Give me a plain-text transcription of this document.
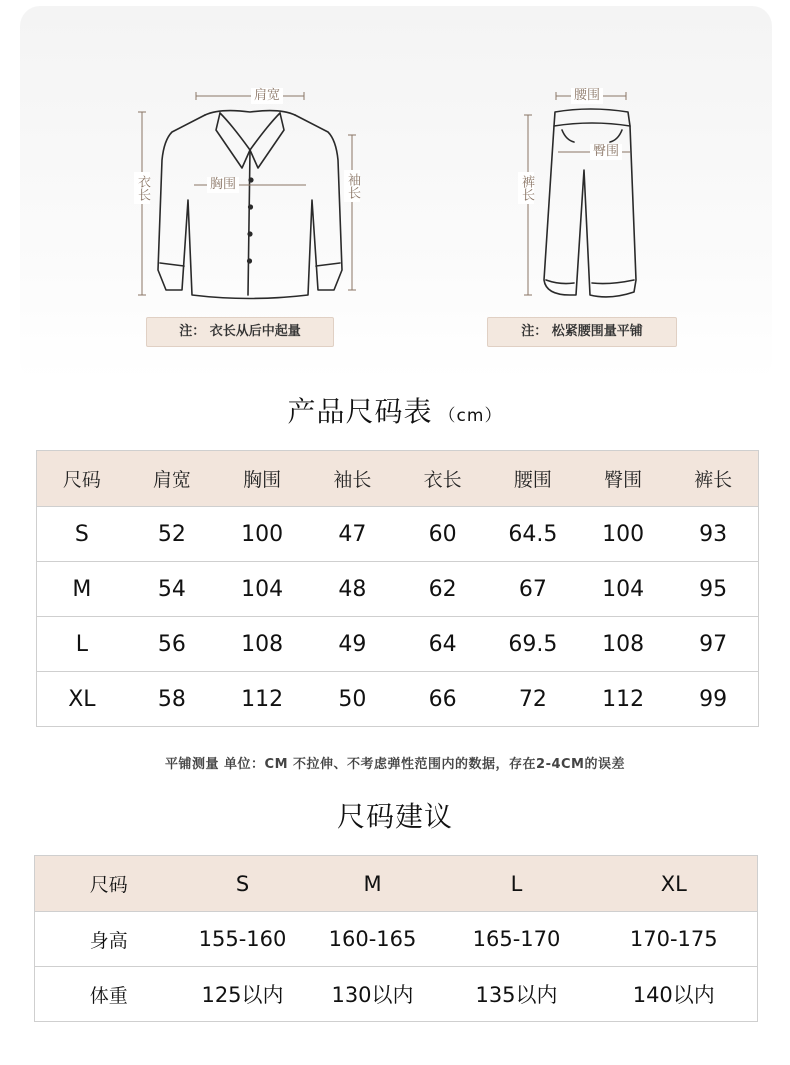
肩宽
胸围
衣长	袖长
注： 衣长从后中起量
腰围
臀围
裤长
注： 松紧腰围量平铺
产品尺码表 （cm）
尺码	肩宽	胸围	袖长	衣长	腰围	臀围	裤长
S	52	100	47	60	64.5	100	93
M	54	104	48	62	67	104	95
L	56	108	49	64	69.5	108	97
XL	58	112	50	66	72	112	99
平铺测量 单位：CM 不拉伸、不考虑弹性范围内的数据，存在2-4CM的误差
尺码建议
尺码	S	M	L	XL
身高	155-160	160-165	165-170	170-175
体重	125以内	130以内	135以内	140以内
